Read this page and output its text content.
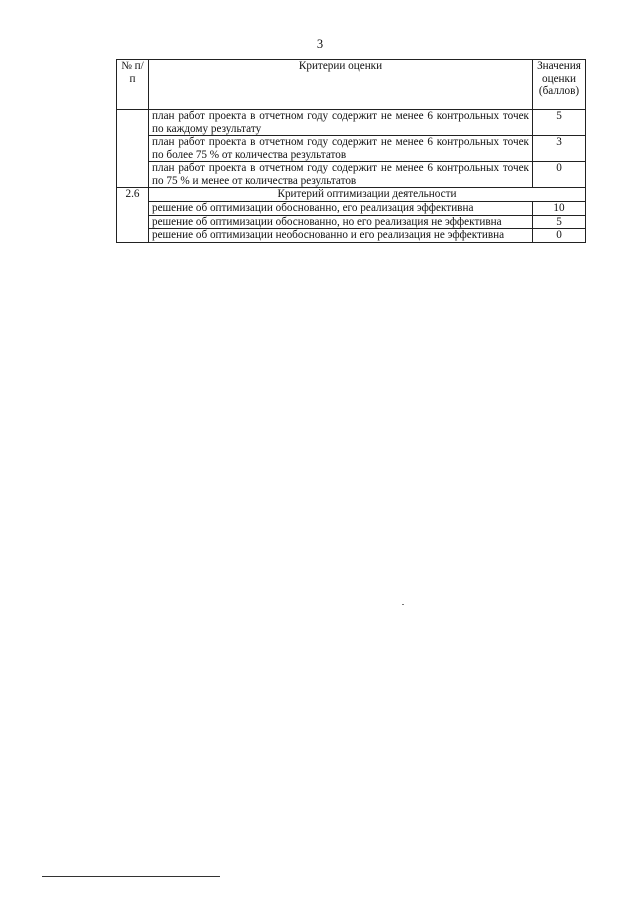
3
№ п/п	Критерии оценки	Значения оценки (баллов)
	план работ проекта в отчетном году содержит не менее 6 контрольных точек по каждому результату	5
	план работ проекта в отчетном году содержит не менее 6 контрольных точек по более 75 % от количества результатов	3
	план работ проекта в отчетном году содержит не менее 6 контрольных точек по 75 % и менее от количества результатов	0
2.6	Критерий оптимизации деятельности	
	решение об оптимизации обоснованно, его реализация эффективна	10
	решение об оптимизации обоснованно, но его реализация не эффективна	5
	решение об оптимизации необоснованно и его реализация не эффективна	0
